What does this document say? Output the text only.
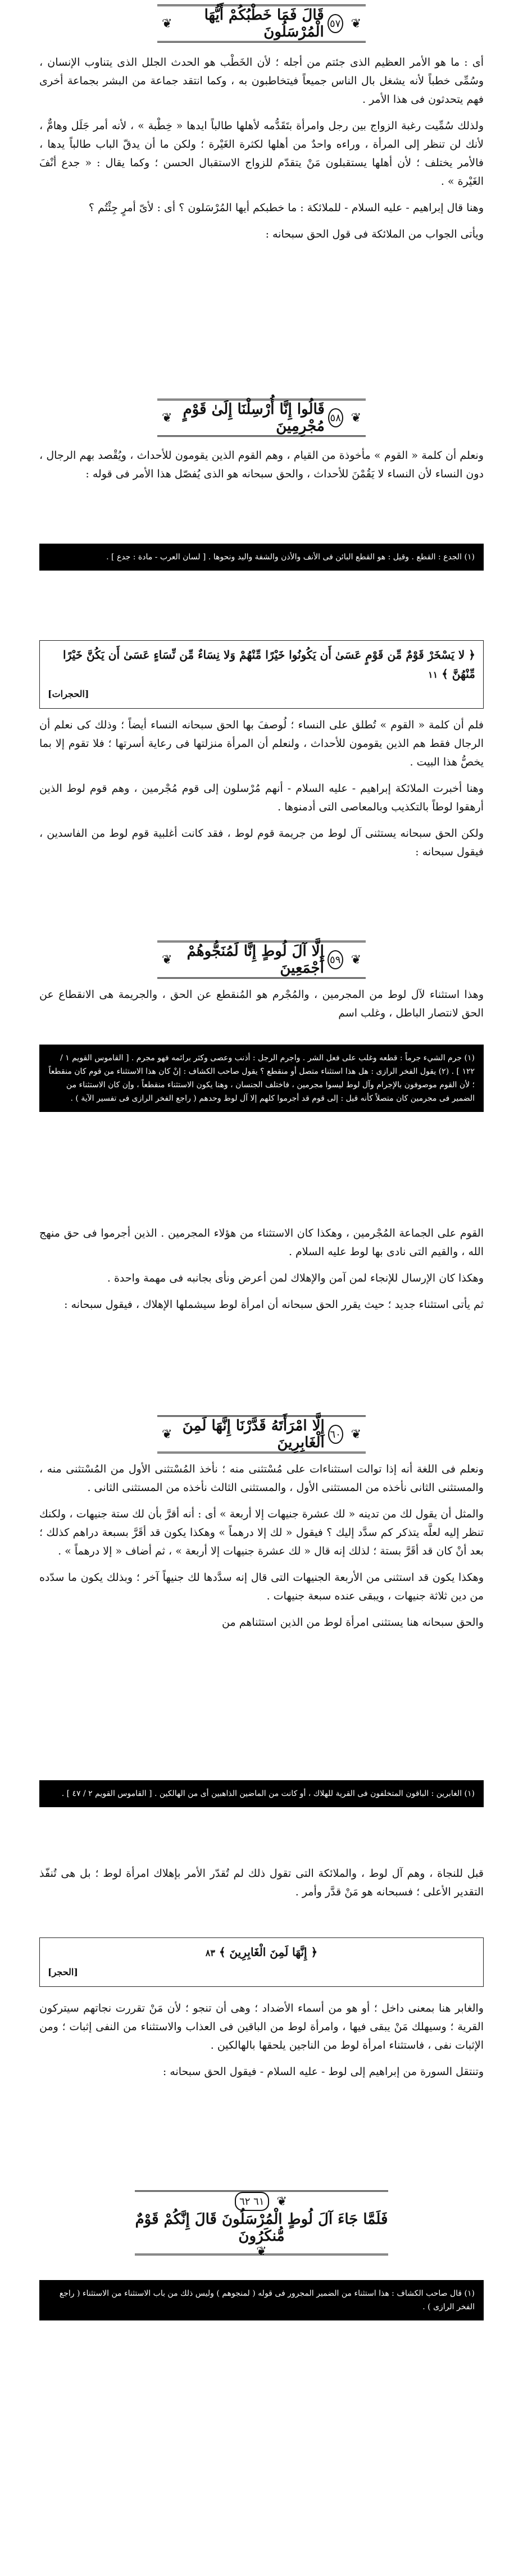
❦
٥٧
قَالَ فَمَا خَطْبُكُمْ أَيُّهَا الْمُرْسَلُونَ
❦

أى : ما هو الأمر العظيم الذى جئتم من أجله ؛ لأن الخَطْب هو الحدث الجلل الذى يتناوب الإنسان ، وسُمِّى خطباً لأنه يشغل بال الناس جميعاً فيتخاطبون به ، وكما انتقد جماعة من البشر بجماعة أخرى فهم يتحدثون فى هذا الأمر .

ولذلك سُمِّيت رغبة الزواج بين رجل وامرأة بتَقَدُّمه لأهلها طالباً ايدها « خِطْبة » ، لأنه أمر جَلَل وهامٌّ ، لأنك لن تنظر إلى المرأة ، وراءه واحدٌ من أهلها لكثرة الغَيْرة ؛ ولكن ما أن يدقّ الباب طالباً يدها ، فالأمر يختلف ؛ لأن أهلها يستقبلون مَنْ يتقدّم للزواج الاستقبال الحسن ؛ وكما يقال : « جدع أنْفَ الغَيْرة » .

وهنا قال إبراهيم - عليه السلام - للملائكة : ما خطبكم أيها المُرْسَلون ؟ أى : لأىّ أمرٍ جِئْتُم ؟

ويأتى الجواب من الملائكة فى قول الحق سبحانه :

❦
٥٨
قَالُوا إِنَّا أُرْسِلْنَا إِلَىٰ قَوْمٍ مُجْرِمِينَ
❦

ونعلم أن كلمة « القوم » مأخوذة من القيام ، وهم القوم الذين يقومون للأحداث ، ويُقْصد بهم الرجال ، دون النساء لأن النساء لا يَقُمْنَ للأحداث ، والحق سبحانه هو الذى يُفصّل هذا الأمر فى قوله :

(١) الجدع : القطع . وقيل : هو القطع البائن فى الأنف والأذن والشفة واليد ونحوها . [ لسان العرب - مادة : جدع ] .
﴿ لا يَسْخَرْ قَوْمٌ مِّن قَوْمٍ عَسَىٰ أَن يَكُونُوا خَيْرًا مِّنْهُمْ وَلا نِسَاءٌ مِّن نِّسَاءٍ عَسَىٰ أَن يَكُنَّ خَيْرًا مِّنْهُنَّ ﴾ ١١
[الحجرات]

فلم أن كلمة « القوم » تُطلق على النساء ؛ لُوصفَ بها الحق سبحانه النساء أيضاً ؛ وذلك كى نعلم أن الرجال فقط هم الذين يقومون للأحداث ، ولنعلم أن المرأة منزلتها فى رعاية أسرتها ؛ فلا تقوم إلا بما يخصُّ هذا البيت .

وهنا أخبرت الملائكة إبراهيم - عليه السلام - أنهم مُرْسلون إلى قوم مُجْرمين ، وهم قوم لوط الذين أرهقوا لوطاً بالتكذيب وبالمعاصى التى أدمنوها .

ولكن الحق سبحانه يستثنى آل لوط من جريمة قوم لوط ، فقد كانت أغلبية قوم لوط من الفاسدين ، فيقول سبحانه :

❦
٥٩
إِلَّا آلَ لُوطٍ إِنَّا لَمُنَجُّوهُمْ أَجْمَعِينَ
❦

وهذا استثناء لآل لوط من المجرمين ، والمُجْرم هو المُنقطع عن الحق ، والجريمة هى الانقطاع عن الحق لانتصار الباطل ، وغلب اسم

(١) جرم الشيء جرماً : قطعه وغلب على فعل الشر . واجرم الرجل : أذنب وعصى وكثر برائمه فهو مجرم . [ القاموس القويم ١ / ١٢٢ ] . (٢) يقول الفخر الرازى : هل هذا استثناء متصل أو منقطع ؟ يقول صاحب الكشاف : إنْ كان هذا الاستثناء من قوم كان منقطعاً ؛ لأن القوم موصوفون بالإجرام وآل لوط ليسوا مجرمين ، فاختلف الجنسان ، وهنا يكون الاستثناء منقطعاً ، وإن كان الاستثناء من الضمير فى مجرمين كان متصلاً كأنه قيل : إلى قوم قد أجرموا كلهم إلا آل لوط وحدهم ( راجع الفخر الرازى فى تفسير الآية ) .

القوم على الجماعة المُجْرمين ، وهكذا كان الاستثناء من هؤلاء المجرمين . الذين أجرموا فى حق منهج الله ، والقيم التى نادى بها لوط عليه السلام .

وهكذا كان الإرسال للإنجاء لمن آمن والإهلاك لمن أعرض ونأى بجانبه فى مهمة واحدة .

ثم يأتى استثناء جديد ؛ حيث يقرر الحق سبحانه أن امرأة لوط سيشملها الإهلاك ، فيقول سبحانه :

❦
٦٠
إِلَّا امْرَأَتَهُ قَدَّرْنَا إِنَّهَا لَمِنَ الْغَابِرِينَ
❦

ونعلم فى اللغة أنه إذا توالت استثناءات على مُسْتثنى منه ؛ نأخذ المُسْتثنى الأول من المُسْتثنى منه ، والمستثنى الثانى نأخذه من المستثنى الأول ، والمستثنى الثالث نأخذه من المستثنى الثانى .

والمثل أن يقول لك من تدينه « لك عشرة جنيهات إلا أربعة » أى : أنه أقرَّ بأن لك ستة جنيهات ، ولكنك تنظر إليه لعلَّه يتذكر كم سدَّد إليك ؟ فيقول « لك إلا درهماً » وهكذا يكون قد أقَرَّ بسبعة دراهم كذلك ؛ بعد أنْ كان قد أقَرَّ بستة ؛ لذلك إنه قال « لك عشرة جنيهات إلا أربعة » ، ثم أضاف « إلا درهماً » .

وهكذا يكون قد استثنى من الأربعة الجنيهات التى قال إنه سدَّدها لك جنيهاً آخر ؛ وبذلك يكون ما سدّده من دين ثلاثة جنيهات ، ويبقى عنده سبعة جنيهات .

والحق سبحانه هنا يستثنى امرأة لوط من الذين استثناهم من

(١) الغابرين : الباقون المتخلفون فى القرية للهلاك ، أو كانت من الماضين الذاهبين أى من الهالكين . [ القاموس القويم ٢ / ٤٧ ] .

قبل للنجاة ، وهم آل لوط ، والملائكة التى تقول ذلك لم تُقدّر الأمر بإهلاك امرأة لوط ؛ بل هى تُنفّذ التقدير الأعلى ؛ فسبحانه هو مَنْ قدَّر وأمر .

﴿ إِنَّهَا لَمِنَ الْغَابِرِينَ ﴾ ٨٣
[الحجر]

والغابر هنا بمعنى داخل ؛ أو هو من أسماء الأضداد ؛ وهى أن تنجو ؛ لأن مَنْ تقررت نجاتهم سيتركون القرية ؛ وسيهلك مَنْ يبقى فيها ، وامرأة لوط من الباقين فى العذاب والاستثناء من النفى إثبات ؛ ومن الإثبات نفى ، فاستثناء امرأة لوط من الناجين يلحقها بالهالكين .

وتنتقل السورة من إبراهيم إلى لوط - عليه السلام - فيقول الحق سبحانه :

❦
٦١ ٦٢
فَلَمَّا جَاءَ آلَ لُوطٍ الْمُرْسَلُونَ قَالَ إِنَّكُمْ قَوْمٌ مُّنكَرُونَ
❦
(١) قال صاحب الكشاف : هذا استثناء من الضمير المجرور فى قوله ( لمنجوهم ) وليس ذلك من باب الاستثناء من الاستثناء ( راجع الفخر الرازى ) .
